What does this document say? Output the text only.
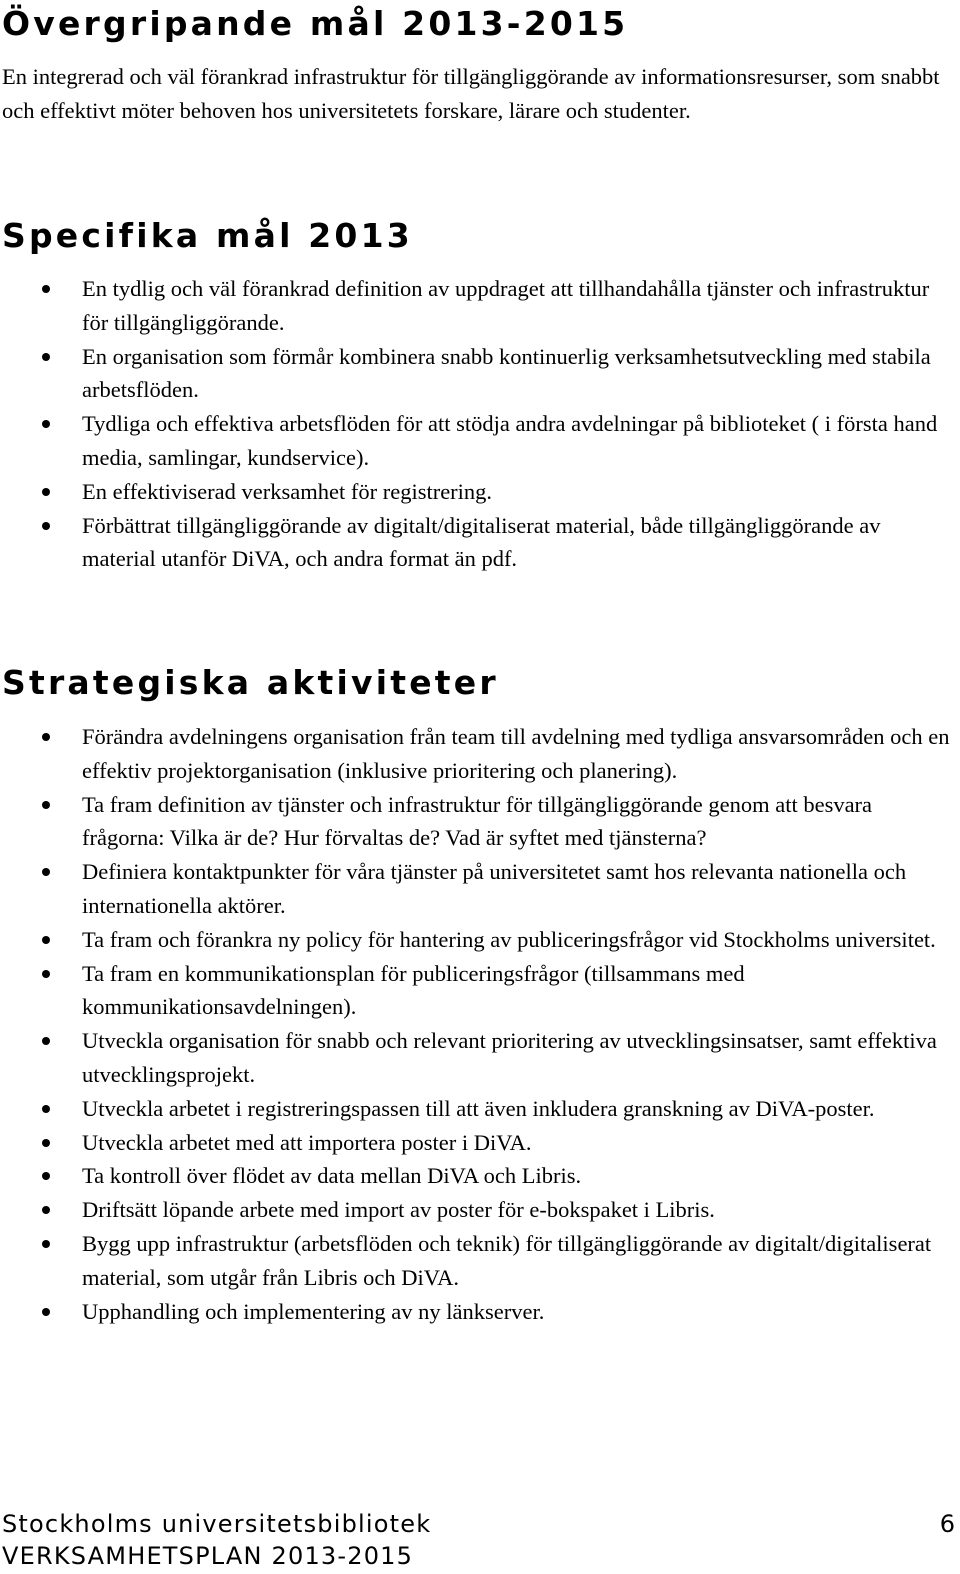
Övergripande mål 2013-2015

En integrerad och väl förankrad infrastruktur för tillgängliggörande av informationsresurser, som snabbt och effektivt möter behoven hos universitetets forskare, lärare och studenter.

Specifika mål 2013
En tydlig och väl förankrad definition av uppdraget att tillhandahålla tjänster och infrastruktur för tillgängliggörande.
En organisation som förmår kombinera snabb kontinuerlig verksamhetsutveckling med stabila arbetsflöden.
Tydliga och effektiva arbetsflöden för att stödja andra avdelningar på biblioteket ( i första hand media, samlingar, kundservice).
En effektiviserad verksamhet för registrering.
Förbättrat tillgängliggörande av digitalt/digitaliserat material, både tillgängliggörande av material utanför DiVA, och andra format än pdf.
Strategiska aktiviteter
Förändra avdelningens organisation från team till avdelning med tydliga ansvarsområden och en effektiv projektorganisation (inklusive prioritering och planering).
Ta fram definition av tjänster och infrastruktur för tillgängliggörande genom att besvara frågorna: Vilka är de? Hur förvaltas de? Vad är syftet med tjänsterna?
Definiera kontaktpunkter för våra tjänster på universitetet samt hos relevanta nationella och internationella aktörer.
Ta fram och förankra ny policy för hantering av publiceringsfrågor vid Stockholms universitet.
Ta fram en kommunikationsplan för publiceringsfrågor (tillsammans med kommunikationsavdelningen).
Utveckla organisation för snabb och relevant prioritering av utvecklingsinsatser, samt effektiva utvecklingsprojekt.
Utveckla arbetet i registreringspassen till att även inkludera granskning av DiVA-poster.
Utveckla arbetet med att importera poster i DiVA.
Ta kontroll över flödet av data mellan DiVA och Libris.
Driftsätt löpande arbete med import av poster för e-bokspaket i Libris.
Bygg upp infrastruktur (arbetsflöden och teknik) för tillgängliggörande av digitalt/digitaliserat material, som utgår från Libris och DiVA.
Upphandling och implementering av ny länkserver.
Stockholms universitetsbibliotek
VERKSAMHETSPLAN 2013-2015
6
